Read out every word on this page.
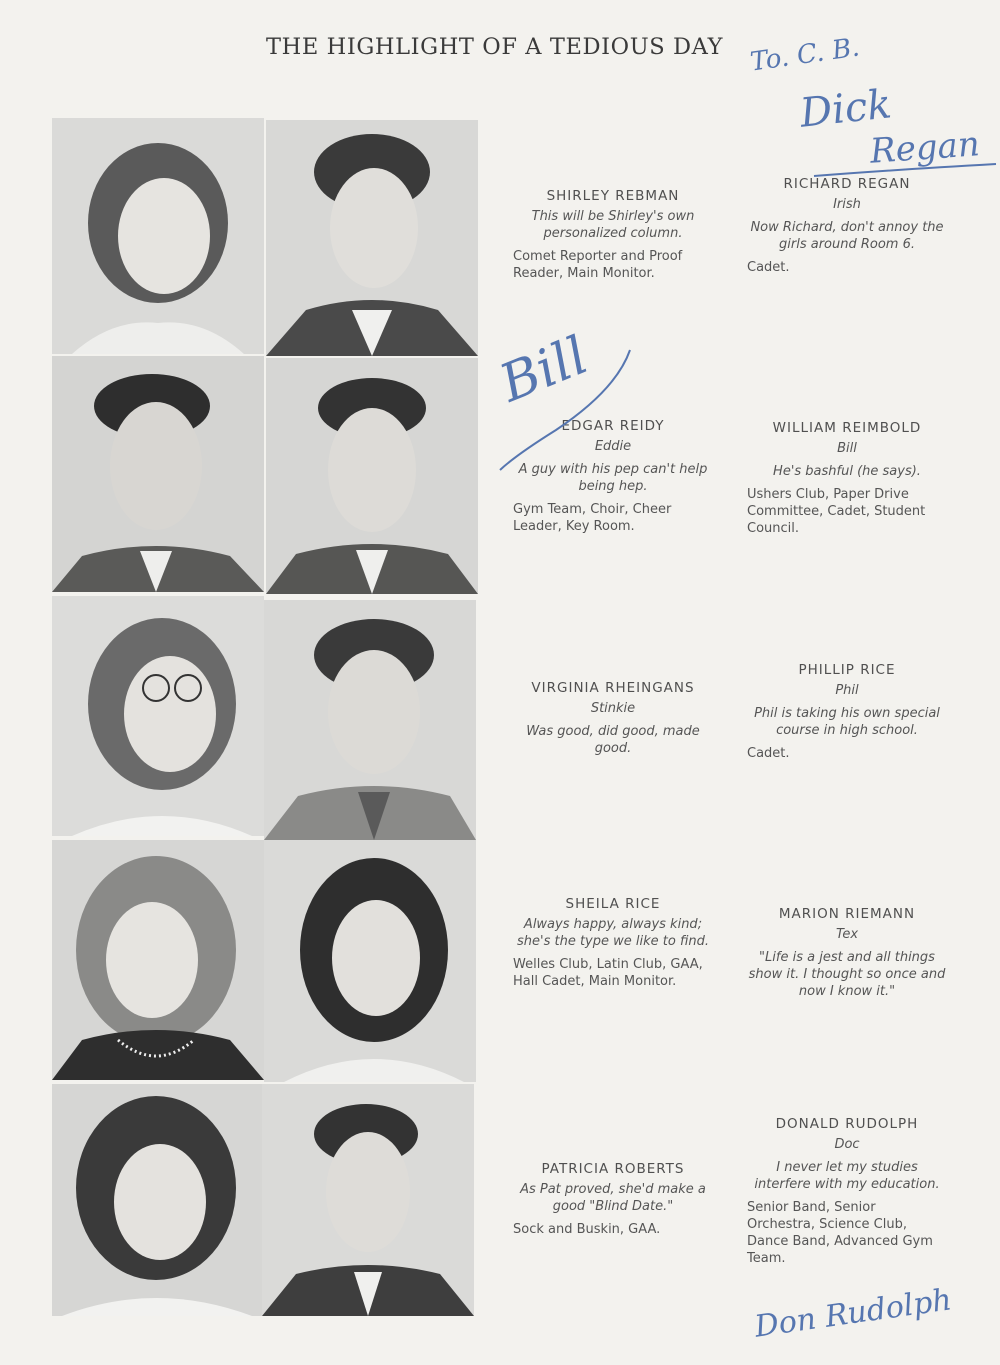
THE HIGHLIGHT OF A TEDIOUS DAY
SHIRLEY REBMAN
This will be Shirley's own personalized column.
Comet Reporter and Proof Reader, Main Monitor.
RICHARD REGAN
Irish
Now Richard, don't annoy the girls around Room 6.
Cadet.
EDGAR REIDY
Eddie
A guy with his pep can't help being hep.
Gym Team, Choir, Cheer Leader, Key Room.
WILLIAM REIMBOLD
Bill
He's bashful (he says).
Ushers Club, Paper Drive Committee, Cadet, Student Council.
VIRGINIA RHEINGANS
Stinkie
Was good, did good, made good.
PHILLIP RICE
Phil
Phil is taking his own special course in high school.
Cadet.
SHEILA RICE
Always happy, always kind; she's the type we like to find.
Welles Club, Latin Club, GAA, Hall Cadet, Main Monitor.
MARION RIEMANN
Tex
"Life is a jest and all things show it. I thought so once and now I know it."
PATRICIA ROBERTS
As Pat proved, she'd make a good "Blind Date."
Sock and Buskin, GAA.
DONALD RUDOLPH
Doc
I never let my studies interfere with my education.
Senior Band, Senior Orchestra, Science Club, Dance Band, Advanced Gym Team.
To. C. B.
Dick
Regan
Bill
Don Rudolph
